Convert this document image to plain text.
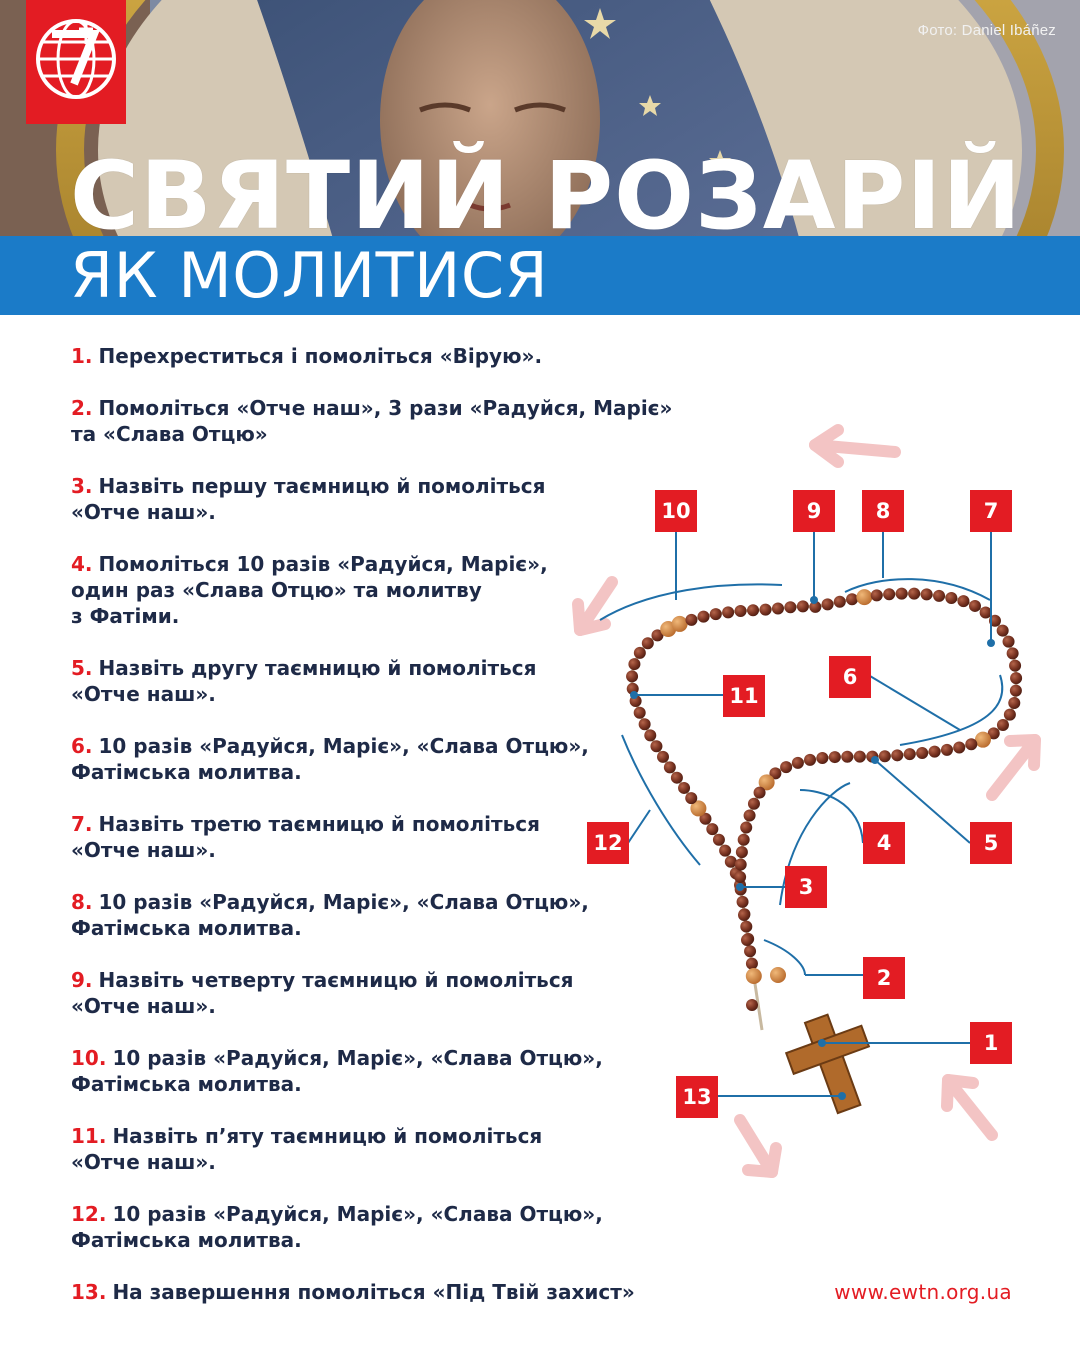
Фото: Daniel Ibáñez
СВЯТИЙ РОЗАРІЙ
ЯК МОЛИТИСЯ
1. Перехреститься і помоліться «Вірую».
2. Помоліться «Отче наш», 3 рази «Радуйся, Маріє»
та «Слава Отцю»
3. Назвіть першу таємницю й помоліться
«Отче наш».
4. Помоліться 10 разів «Радуйся, Маріє»,
один раз «Слава Отцю» та молитву
з Фатіми.
5. Назвіть другу таємницю й помоліться
«Отче наш».
6. 10 разів «Радуйся, Маріє», «Слава Отцю»,
Фатімська молитва.
7. Назвіть третю таємницю й помоліться
«Отче наш».
8. 10 разів «Радуйся, Маріє», «Слава Отцю»,
Фатімська молитва.
9. Назвіть четверту таємницю й помоліться
«Отче наш».
10. 10 разів «Радуйся, Маріє», «Слава Отцю»,
Фатімська молитва.
11. Назвіть п’яту таємницю й помоліться
«Отче наш».
12. 10 разів «Радуйся, Маріє», «Слава Отцю»,
Фатімська молитва.
13. На завершення помоліться «Під Твій захист»
1
2
3
4	5
6
7
8
9
10
11
12
13
www.ewtn.org.ua
